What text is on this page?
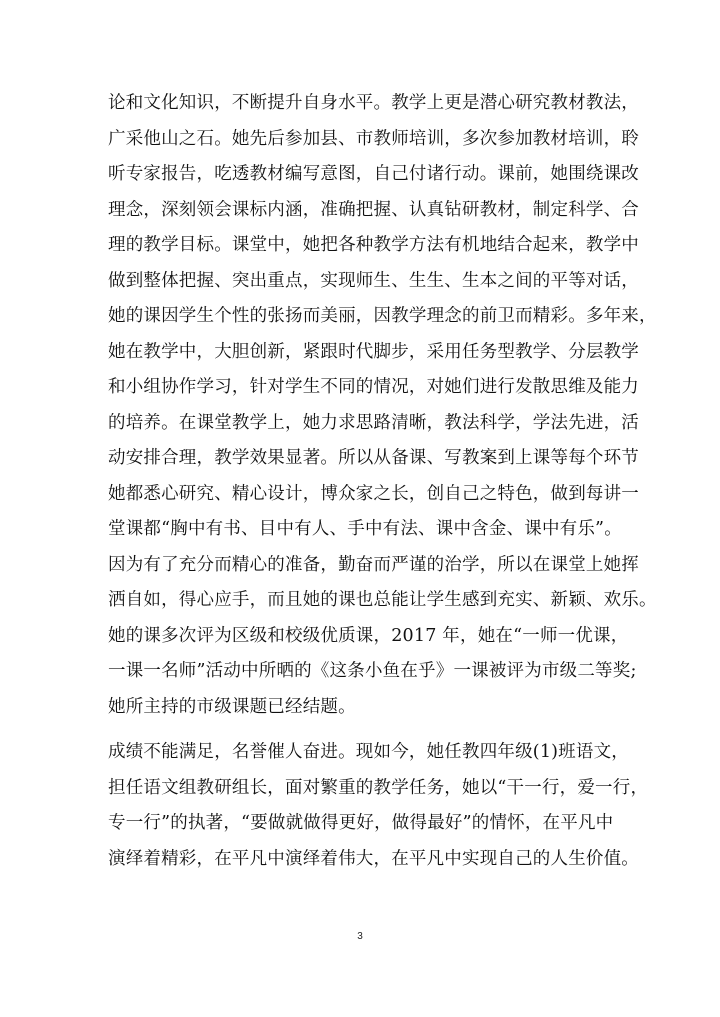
论和文化知识，不断提升自身水平。教学上更是潜心研究教材教法，
广采他山之石。她先后参加县、市教师培训，多次参加教材培训，聆
听专家报告，吃透教材编写意图，自己付诸行动。课前，她围绕课改
理念，深刻领会课标内涵，准确把握、认真钻研教材，制定科学、合
理的教学目标。课堂中，她把各种教学方法有机地结合起来，教学中
做到整体把握、突出重点，实现师生、生生、生本之间的平等对话，
她的课因学生个性的张扬而美丽，因教学理念的前卫而精彩。多年来，
她在教学中，大胆创新，紧跟时代脚步，采用任务型教学、分层教学
和小组协作学习，针对学生不同的情况，对她们进行发散思维及能力
的培养。在课堂教学上，她力求思路清晰，教法科学，学法先进，活
动安排合理，教学效果显著。所以从备课、写教案到上课等每个环节
她都悉心研究、精心设计，博众家之长，创自己之特色，做到每讲一
堂课都“胸中有书、目中有人、手中有法、课中含金、课中有乐”。
因为有了充分而精心的准备，勤奋而严谨的治学，所以在课堂上她挥
洒自如，得心应手，而且她的课也总能让学生感到充实、新颖、欢乐。
她的课多次评为区级和校级优质课，2017 年，她在“一师一优课，
一课一名师”活动中所晒的《这条小鱼在乎》一课被评为市级二等奖;
她所主持的市级课题已经结题。
成绩不能满足，名誉催人奋进。现如今，她任教四年级(1)班语文，
担任语文组教研组长，面对繁重的教学任务，她以“干一行，爱一行，
专一行”的执著，“要做就做得更好，做得最好”的情怀，在平凡中
演绎着精彩，在平凡中演绎着伟大，在平凡中实现自己的人生价值。
3
